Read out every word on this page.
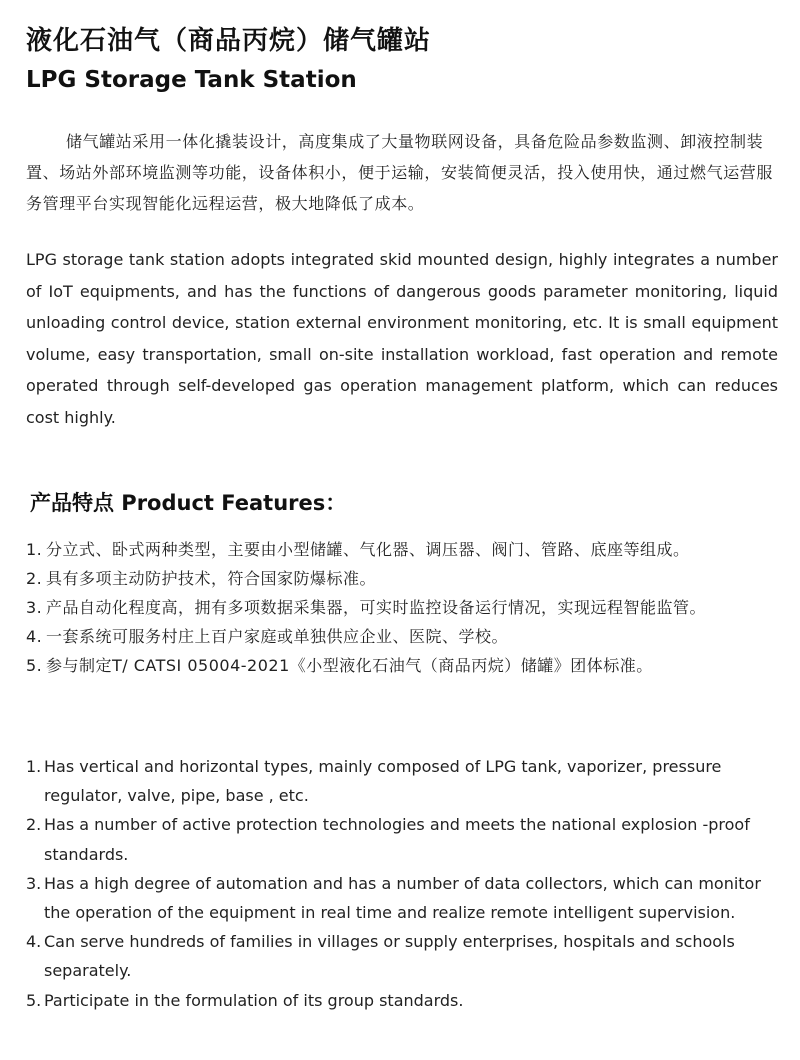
液化石油气（商品丙烷）储气罐站
LPG Storage Tank Station

储气罐站采用一体化撬装设计，高度集成了大量物联网设备，具备危险品参数监测、卸液控制装置、场站外部环境监测等功能，设备体积小，便于运输，安装简便灵活，投入使用快，通过燃气运营服务管理平台实现智能化远程运营，极大地降低了成本。

LPG storage tank station adopts integrated skid mounted design, highly integrates a number of IoT equipments, and has the functions of dangerous goods parameter monitoring, liquid unloading control device, station external environment monitoring, etc. It is small equipment volume, easy transportation, small on-site installation workload, fast operation and remote operated through self-developed gas operation management platform, which can reduces cost highly.

产品特点 Product Features：
1. 分立式、卧式两种类型，主要由小型储罐、气化器、调压器、阀门、管路、底座等组成。
2. 具有多项主动防护技术，符合国家防爆标准。
3. 产品自动化程度高，拥有多项数据采集器，可实时监控设备运行情况，实现远程智能监管。
4. 一套系统可服务村庄上百户家庭或单独供应企业、医院、学校。
5. 参与制定T/ CATSI 05004-2021《小型液化石油气（商品丙烷）储罐》团体标准。
1. Has vertical and horizontal types, mainly composed of LPG tank, vaporizer, pressure regulator, valve, pipe, base , etc.
2. Has a number of active protection technologies and meets the national explosion -proof standards.
3. Has a high degree of automation and has a number of data collectors, which can monitor the operation of the equipment in real time and realize remote intelligent supervision.
4. Can serve hundreds of families in villages or supply enterprises, hospitals and schools separately.
5. Participate in the formulation of its group standards.
